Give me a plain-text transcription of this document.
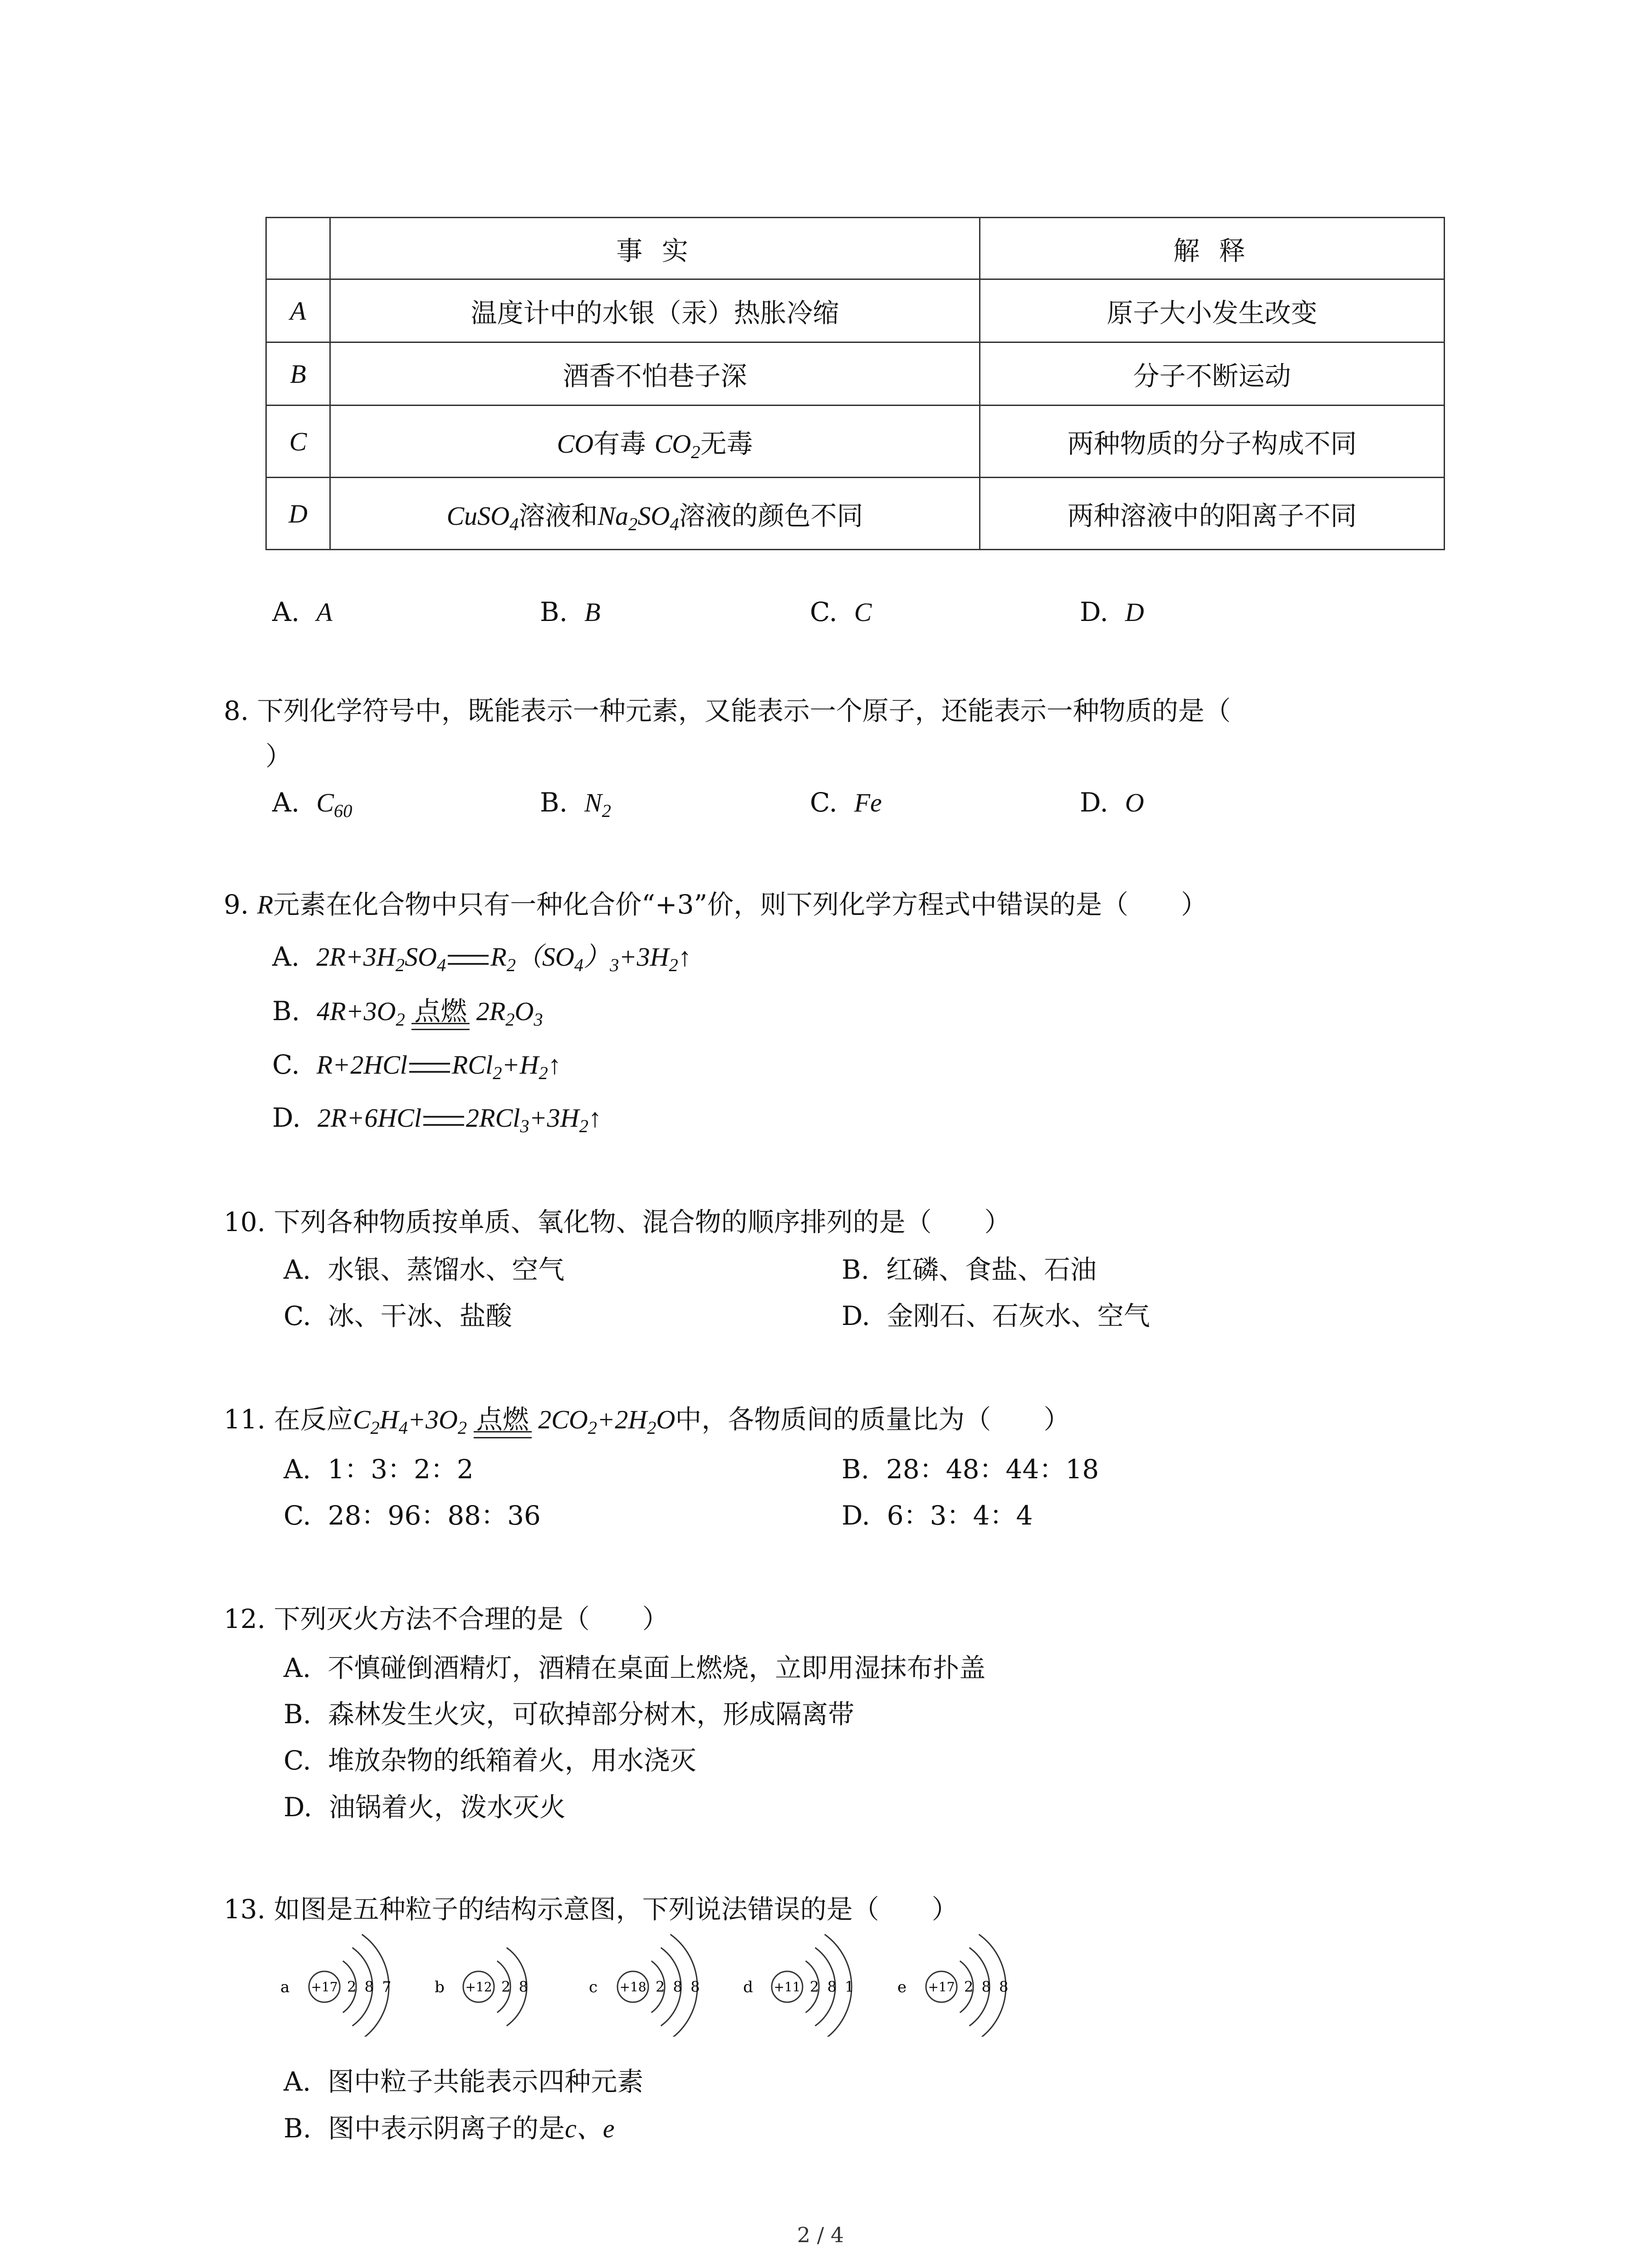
	事 实	解 释
A	温度计中的水银（汞）热胀冷缩	原子大小发生改变
B	酒香不怕巷子深	分子不断运动
C	CO有毒 $CO_2$无毒	两种物质的分子构成不同
D	CuSO$_4$溶液和$Na_2SO_4$溶液的颜色不同	两种溶液中的阳离子不同
A. A	B. B	C. C	D. D
8. 下列化学符号中，既能表示一种元素，又能表示一个原子，还能表示一种物质的是（
）
A. $C_{60}$	B. $N_2$	C. Fe	D. O
9. R元素在化合物中只有一种化合价“+3”价，则下列化学方程式中错误的是（　　）
A. $2R+3H_2SO_4$ $R_2(SO_4)_3+3H_2↑$
B. $4R+3O_2$ 点燃 $2R_2O_3$
C. R+2HCl $RCl_2+H_2↑$
D. 2R+6HCl $2RCl_3+3H_2↑$
10. 下列各种物质按单质、氧化物、混合物的顺序排列的是（　　）
A. 水银、蒸馏水、空气	B. 红磷、食盐、石油
C. 冰、干冰、盐酸	D. 金刚石、石灰水、空气
11. 在反应$C_2H_4+3O_2$ 点燃 $2CO_2+2H_2O$中，各物质间的质量比为（　　）
A. 1：3：2：2	B. 28：48：44：18
C. 28：96：88：36	D. 6：3：4：4
12. 下列灭火方法不合理的是（　　）
A. 不慎碰倒酒精灯，酒精在桌面上燃烧，立即用湿抹布扑盖
B. 森林发生火灾，可砍掉部分树木，形成隔离带
C. 堆放杂物的纸箱着火，用水浇灭
D. 油锅着火，泼水灭火
13. 如图是五种粒子的结构示意图，下列说法错误的是（　　）
a +17 2 8 7	b +12 2 8	c +18 2 8 8	d +11 2 8 1	e +17 2 8 8
A. 图中粒子共能表示四种元素
B. 图中表示阴离子的是c、e
2 / 4
